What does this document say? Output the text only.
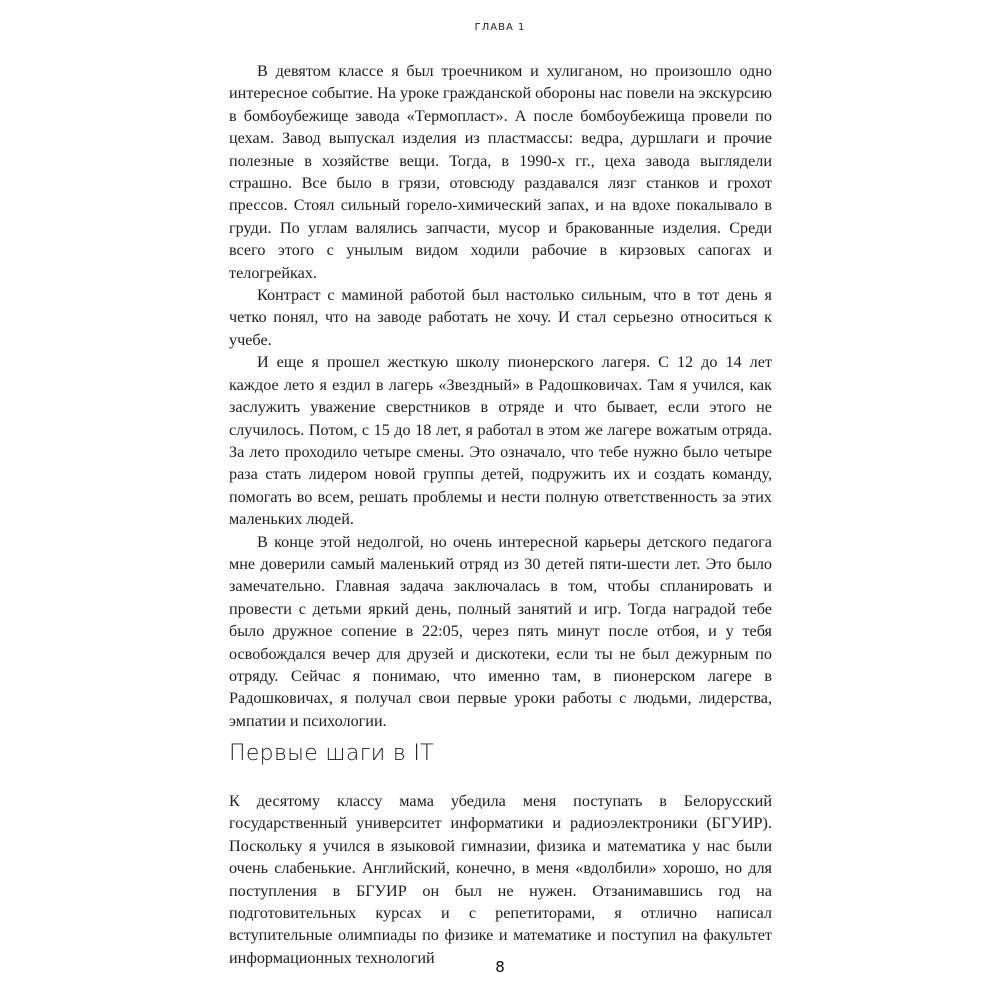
ГЛАВА 1

В девятом классе я был троечником и хулиганом, но произошло одно интересное событие. На уроке гражданской обороны нас повели на экскурсию в бомбоубежище завода «Термопласт». А после бомбоубежища провели по цехам. Завод выпускал изделия из пластмассы: ведра, дуршлаги и прочие полезные в хозяйстве вещи. Тогда, в 1990-х гг., цеха завода выглядели страшно. Все было в грязи, отовсюду раздавался лязг станков и грохот прессов. Стоял сильный горело-химический запах, и на вдохе покалывало в груди. По углам валялись запчасти, мусор и бракованные изделия. Среди всего этого с унылым видом ходили рабочие в кирзовых сапогах и телогрейках.

Контраст с маминой работой был настолько сильным, что в тот день я четко понял, что на заводе работать не хочу. И стал серьезно относиться к учебе.

И еще я прошел жесткую школу пионерского лагеря. С 12 до 14 лет каждое лето я ездил в лагерь «Звездный» в Радошковичах. Там я учился, как заслужить уважение сверстников в отряде и что бывает, если этого не случилось. Потом, с 15 до 18 лет, я работал в этом же лагере вожатым отряда. За лето проходило четыре смены. Это означало, что тебе нужно было четыре раза стать лидером новой группы детей, подружить их и создать команду, помогать во всем, решать проблемы и нести полную ответственность за этих маленьких людей.

В конце этой недолгой, но очень интересной карьеры детского педагога мне доверили самый маленький отряд из 30 детей пяти-шести лет. Это было замечательно. Главная задача заключалась в том, чтобы спланировать и провести с детьми яркий день, полный занятий и игр. Тогда наградой тебе было дружное сопение в 22:05, через пять минут после отбоя, и у тебя освобождался вечер для друзей и дискотеки, если ты не был дежурным по отряду. Сейчас я понимаю, что именно там, в пионерском лагере в Радошковичах, я получал свои первые уроки работы с людьми, лидерства, эмпатии и психологии.

Первые шаги в IT

К десятому классу мама убедила меня поступать в Белорусский государственный университет информатики и радиоэлектроники (БГУИР). Поскольку я учился в языковой гимназии, физика и математика у нас были очень слабенькие. Английский, конечно, в меня «вдолбили» хорошо, но для поступления в БГУИР он был не нужен. Отзанимавшись год на подготовительных курсах и с репетиторами, я отлично написал вступительные олимпиады по физике и математике и поступил на факультет информационных технологий

8
